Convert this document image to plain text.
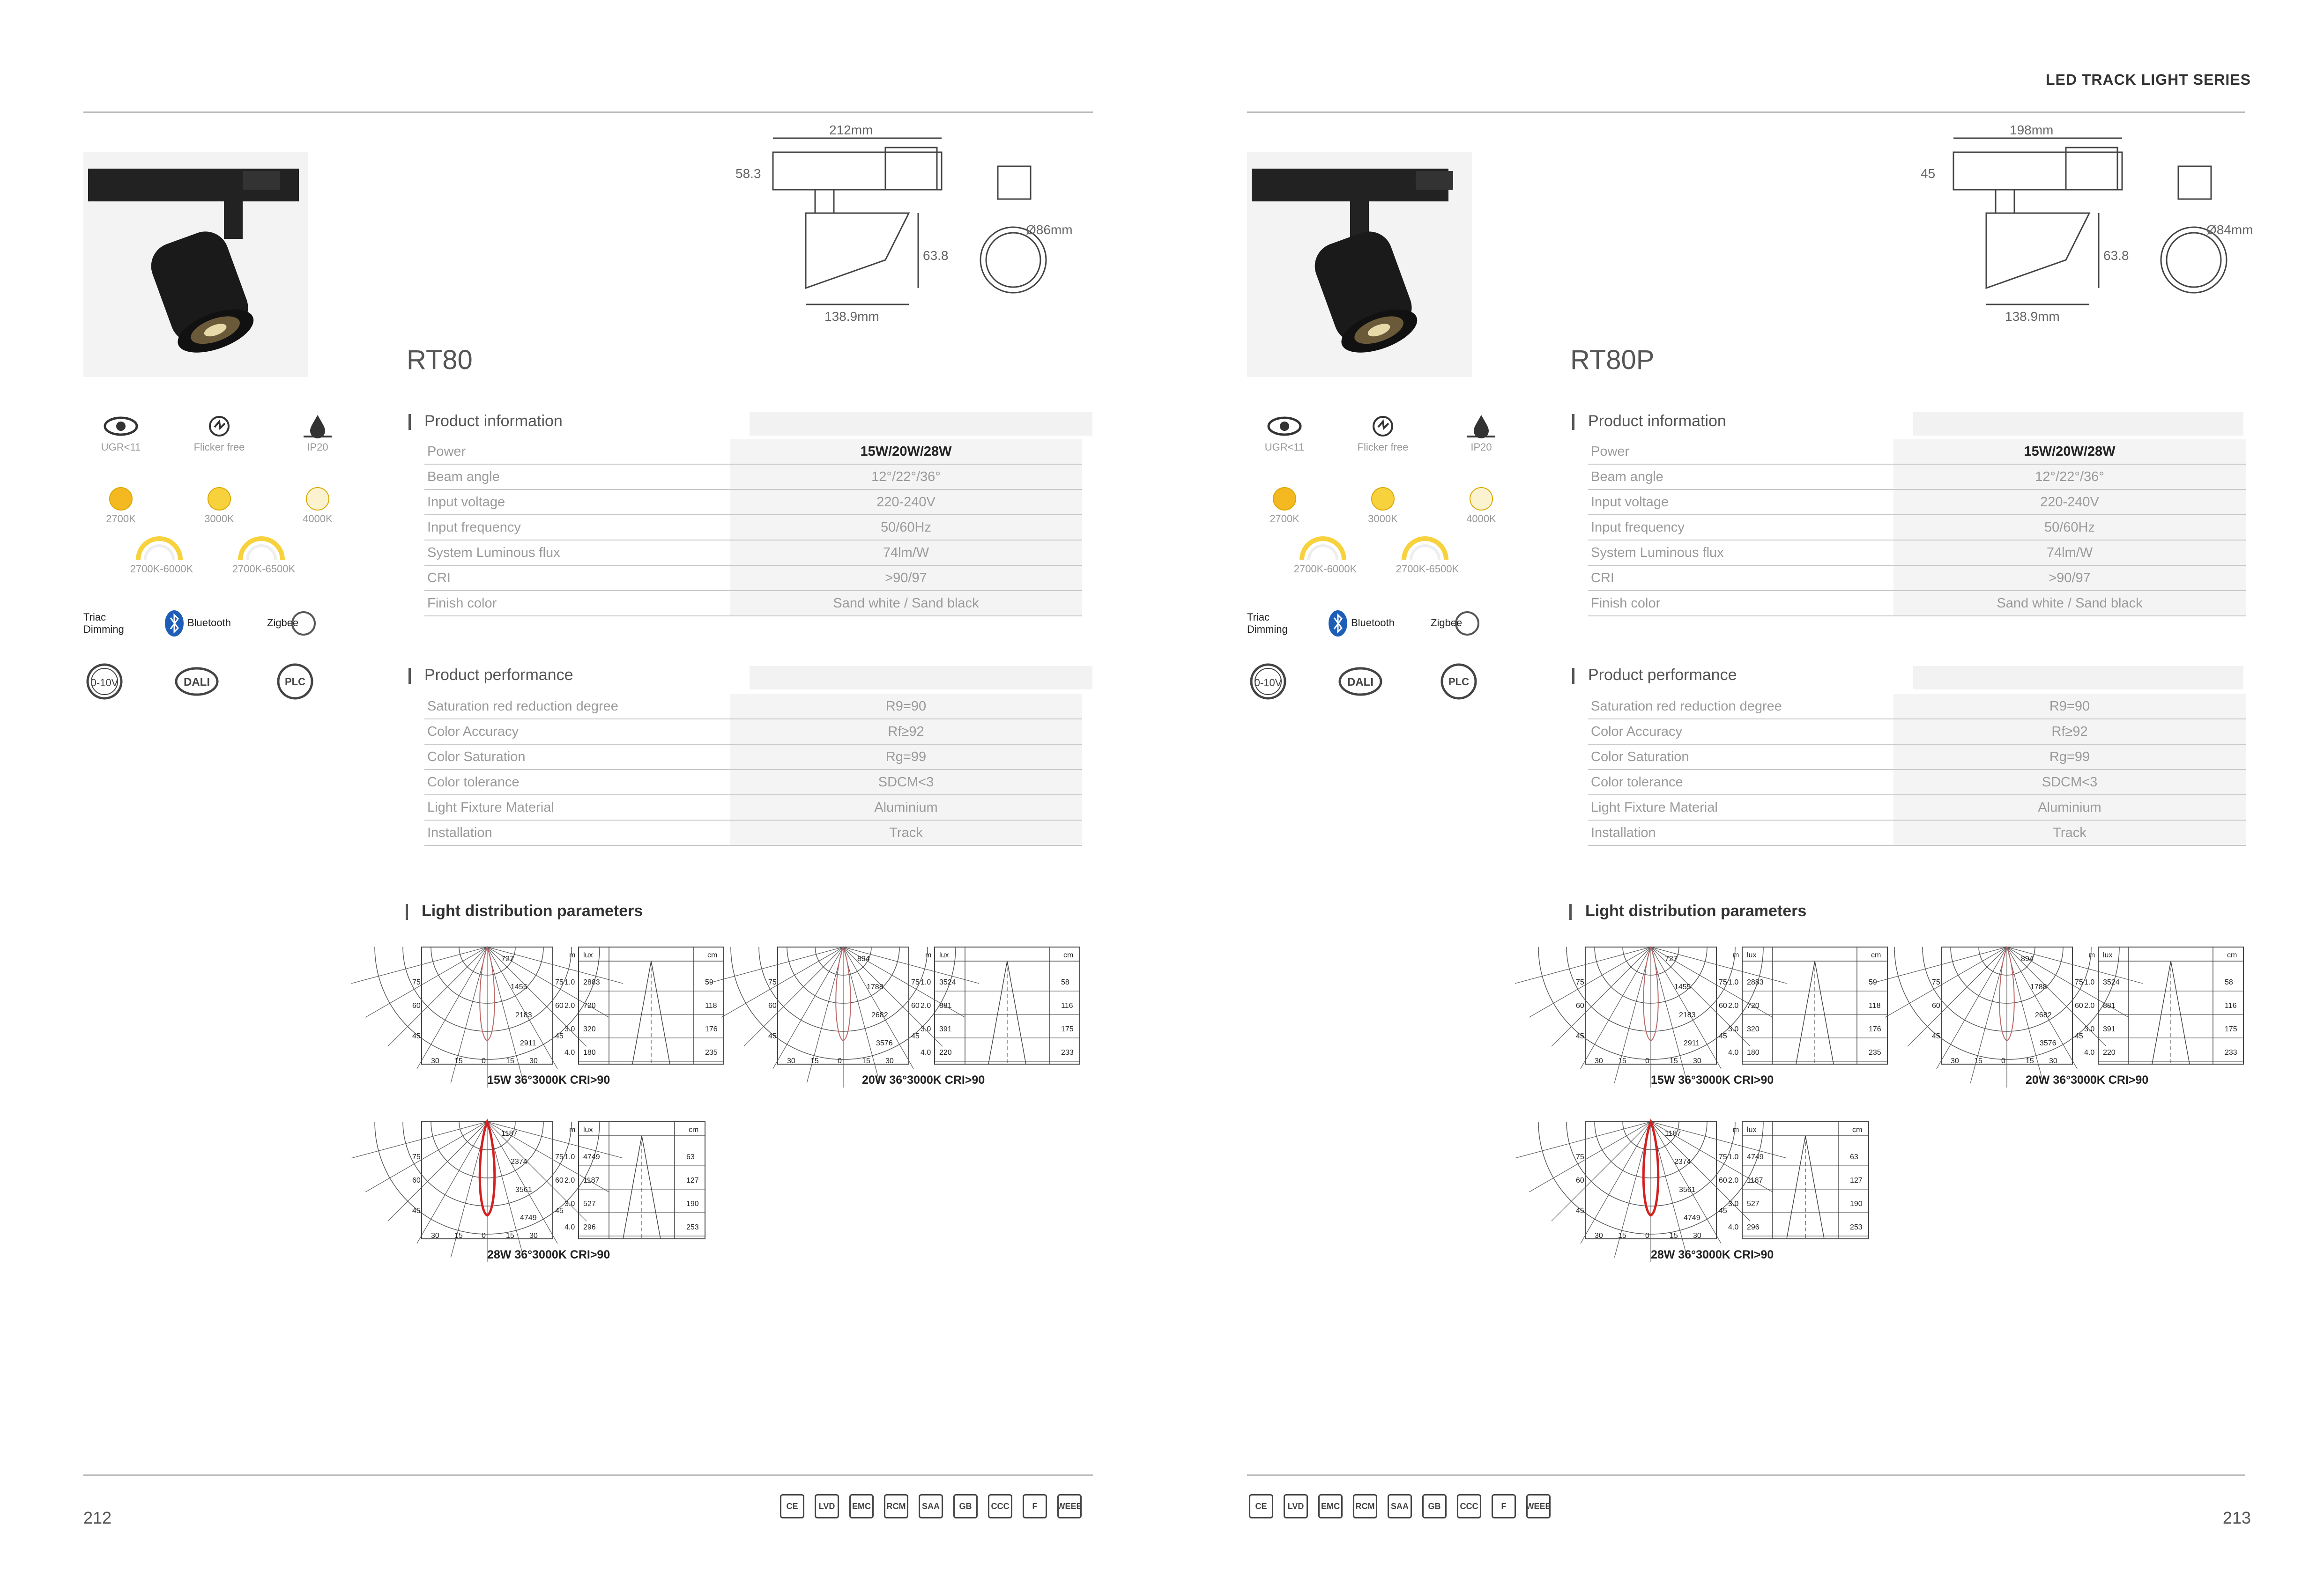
LED TRACK LIGHT SERIES
RT80
212mm
58.3
63.8
138.9mm
Ø86mm
UGR<11	Flicker free	IP20
2700K	3000K	4000K
2700K-6000K	2700K-6500K
Triac Dimming
Bluetooth	Zigbee
0-10V	DALI	PLC
Product information
Power	15W/20W/28W
Beam angle	12°/22°/36°
Input voltage	220-240V
Input frequency	50/60Hz
System Luminous flux	74lm/W
CRI	>90/97
Finish color	Sand white / Sand black
Product performance
Saturation red reduction degree	R9=90
Color Accuracy	Rf≥92
Color Saturation	Rg=99
Color tolerance	SDCM<3
Light Fixture Material	Aluminium
Installation	Track
Light distribution parameters
727
1455
2183
2911
75
60
45
75
60
45
30 15	0	15 30
m lux	cm
1.0 2883	59
2.0 720	118
3.0 320	176
4.0 180	235
15W 36°3000K CRI>90
894
1788
2682
3576
75
60
45
75
60
45
30 15	0	15 30
m lux	cm
1.0 3524	58
2.0 881	116
3.0 391	175
4.0 220	233
20W 36°3000K CRI>90
1187
2374
3561
4749
75
60
45
75
60
45
30 15	0	15 30
m lux	cm
1.0 4749	63
2.0 1187	127
3.0 527	190
4.0 296	253
28W 36°3000K CRI>90
RT80P
198mm
45
63.8
138.9mm
Ø84mm
UGR<11	Flicker free	IP20
2700K	3000K	4000K
2700K-6000K	2700K-6500K
Triac Dimming
Bluetooth	Zigbee
0-10V	DALI	PLC
Product information
Power	15W/20W/28W
Beam angle	12°/22°/36°
Input voltage	220-240V
Input frequency	50/60Hz
System Luminous flux	74lm/W
CRI	>90/97
Finish color	Sand white / Sand black
Product performance
Saturation red reduction degree	R9=90
Color Accuracy	Rf≥92
Color Saturation	Rg=99
Color tolerance	SDCM<3
Light Fixture Material	Aluminium
Installation	Track
Light distribution parameters
727
1455
2183
2911
75
60
45
75
60
45
30 15	0	15 30
m lux	cm
1.0 2883	59
2.0 720	118
3.0 320	176
4.0 180	235
15W 36°3000K CRI>90
894
1788
2682
3576
75
60
45
75
60
45
30 15	0	15 30
m lux	cm
1.0 3524	58
2.0 881	116
3.0 391	175
4.0 220	233
20W 36°3000K CRI>90
1187
2374
3561
4749
75
60
45
75
60
45
30 15	0	15 30
m lux	cm
1.0 4749	63
2.0 1187	127
3.0 527	190
4.0 296	253
28W 36°3000K CRI>90
212	213
CE	LVD	EMC	RCM	SAA	GB	CCC	F	WEEE	CE	LVD	EMC	RCM	SAA	GB	CCC	F	WEEE
